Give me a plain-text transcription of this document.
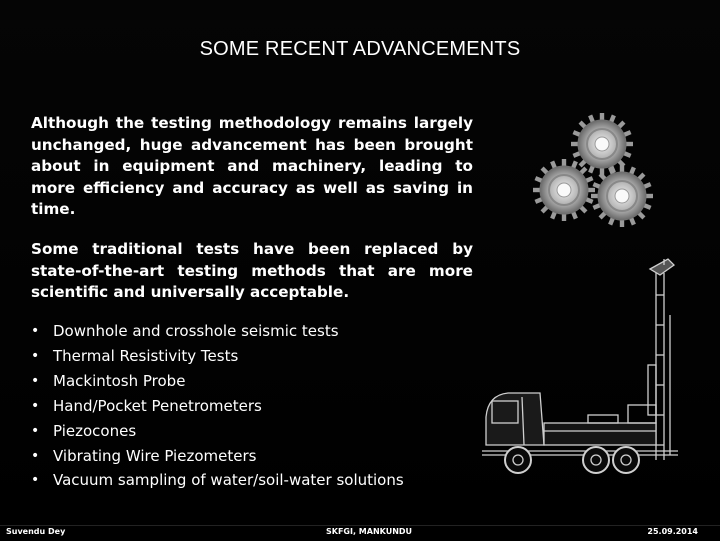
SOME RECENT ADVANCEMENTS
Although the testing methodology remains largely unchanged, huge advancement has been brought about in equipment and machinery, leading to more efficiency and accuracy as well as saving in time.
Some traditional tests have been replaced by state-of-the-art testing methods that are more scientific and universally acceptable.
• Downhole and crosshole seismic tests
• Thermal Resistivity Tests
• Mackintosh Probe
• Hand/Pocket Penetrometers
• Piezocones
• Vibrating Wire Piezometers
• Vacuum sampling of water/soil-water solutions
Suvendu Dey	SKFGI, MANKUNDU	25.09.2014
